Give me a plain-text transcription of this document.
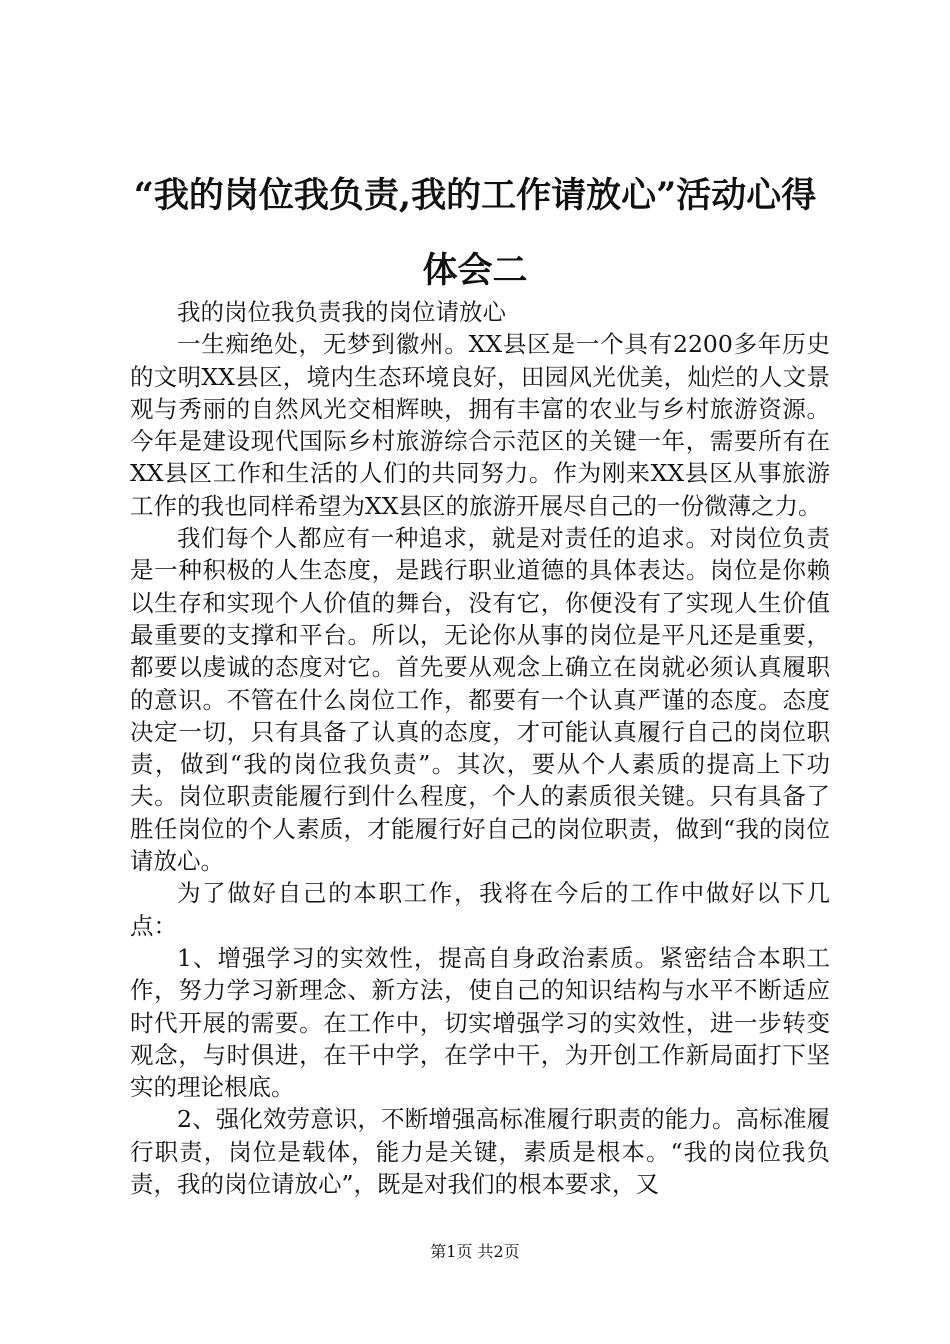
“我的岗位我负责,我的工作请放心”活动心得体会二

我的岗位我负责我的岗位请放心

一生痴绝处，无梦到徽州。XX县区是一个具有2200多年历史的文明XX县区，境内生态环境良好，田园风光优美，灿烂的人文景观与秀丽的自然风光交相辉映，拥有丰富的农业与乡村旅游资源。今年是建设现代国际乡村旅游综合示范区的关键一年，需要所有在XX县区工作和生活的人们的共同努力。作为刚来XX县区从事旅游工作的我也同样希望为XX县区的旅游开展尽自己的一份微薄之力。

我们每个人都应有一种追求，就是对责任的追求。对岗位负责是一种积极的人生态度，是践行职业道德的具体表达。岗位是你赖以生存和实现个人价值的舞台，没有它，你便没有了实现人生价值最重要的支撑和平台。所以，无论你从事的岗位是平凡还是重要，都要以虔诚的态度对它。首先要从观念上确立在岗就必须认真履职的意识。不管在什么岗位工作，都要有一个认真严谨的态度。态度决定一切，只有具备了认真的态度，才可能认真履行自己的岗位职责，做到“我的岗位我负责”。其次，要从个人素质的提高上下功夫。岗位职责能履行到什么程度，个人的素质很关键。只有具备了胜任岗位的个人素质，才能履行好自己的岗位职责，做到“我的岗位请放心。

为了做好自己的本职工作，我将在今后的工作中做好以下几点：

1、增强学习的实效性，提高自身政治素质。紧密结合本职工作，努力学习新理念、新方法，使自己的知识结构与水平不断适应时代开展的需要。在工作中，切实增强学习的实效性，进一步转变观念，与时俱进，在干中学，在学中干，为开创工作新局面打下坚实的理论根底。

2、强化效劳意识，不断增强高标准履行职责的能力。高标准履行职责，岗位是载体，能力是关键，素质是根本。“我的岗位我负责，我的岗位请放心”，既是对我们的根本要求，又

第1页 共2页
